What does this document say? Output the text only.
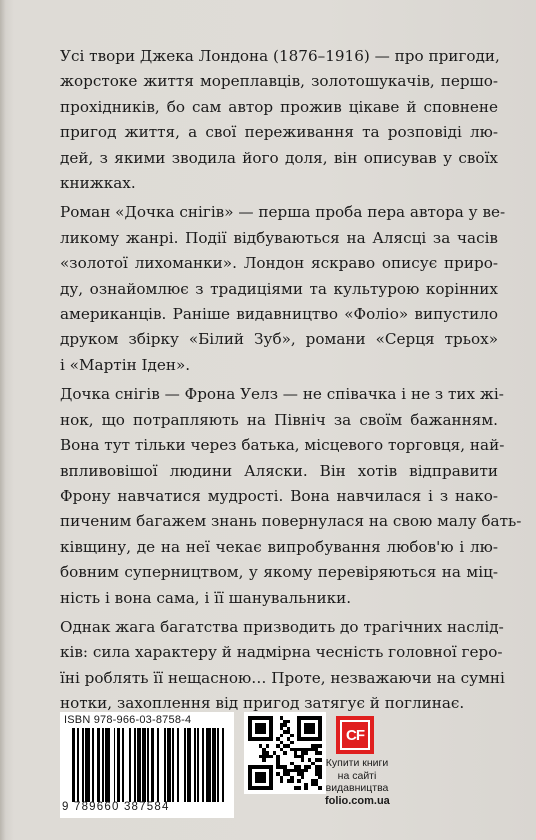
Усі твори Джека Лондона (1876–1916) — про пригоди,
жорстоке життя мореплавців, золотошукачів, першо-
прохідників, бо сам автор прожив цікаве й сповнене
пригод життя, а свої переживання та розповіді лю-
дей, з якими зводила його доля, він описував у своїх
книжках.
Роман «Дочка снігів» — перша проба пера автора у ве-
ликому жанрі. Події відбуваються на Алясці за часів
«золотої лихоманки». Лондон яскраво описує приро-
ду, ознайомлює з традиціями та культурою корінних
американців. Раніше видавництво «Фоліо» випустило
друком збірку «Білий Зуб», романи «Серця трьох»
і «Мартін Іден».
Дочка снігів — Фрона Уелз — не співачка і не з тих жі-
нок, що потрапляють на Північ за своїм бажанням.
Вона тут тільки через батька, місцевого торговця, най-
впливовішої людини Аляски. Він хотів відправити
Фрону навчатися мудрості. Вона навчилася і з нако-
пиченим багажем знань повернулася на свою малу бать-
ківщину, де на неї чекає випробування любов'ю і лю-
бовним суперництвом, у якому перевіряються на міц-
ність і вона сама, і її шанувальники.
Однак жага багатства призводить до трагічних наслід-
ків: сила характеру й надмірна чесність головної геро-
їні роблять її нещасною… Проте, незважаючи на сумні
нотки, захоплення від пригод затягує й поглинає.
ISBN 978-966-03-8758-4
9 789660 387584
CF
Купити книги
на сайті
видавництва
folio.com.ua
